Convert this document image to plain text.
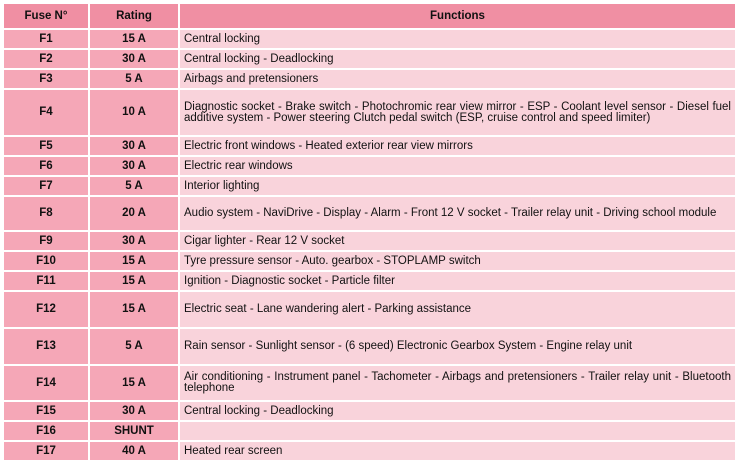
Fuse N°	Rating	Functions
F1	15 A	Central locking
F2	30 A	Central locking - Deadlocking
F3	5 A	Airbags and pretensioners
F4	10 A	Diagnostic socket - Brake switch - Photochromic rear view mirror - ESP - Coolant level sensor - Diesel fuel additive system - Power steering Clutch pedal switch (ESP, cruise control and speed limiter)
F5	30 A	Electric front windows - Heated exterior rear view mirrors
F6	30 A	Electric rear windows
F7	5 A	Interior lighting
F8	20 A	Audio system - NaviDrive - Display - Alarm - Front 12 V socket - Trailer relay unit - Driving school module
F9	30 A	Cigar lighter - Rear 12 V socket
F10	15 A	Tyre pressure sensor - Auto. gearbox - STOPLAMP switch
F11	15 A	Ignition - Diagnostic socket - Particle filter
F12	15 A	Electric seat - Lane wandering alert - Parking assistance
F13	5 A	Rain sensor - Sunlight sensor - (6 speed) Electronic Gearbox System - Engine relay unit
F14	15 A	Air conditioning - Instrument panel - Tachometer - Airbags and pretensioners - Trailer relay unit - Bluetooth telephone
F15	30 A	Central locking - Deadlocking
F16	SHUNT	
F17	40 A	Heated rear screen
